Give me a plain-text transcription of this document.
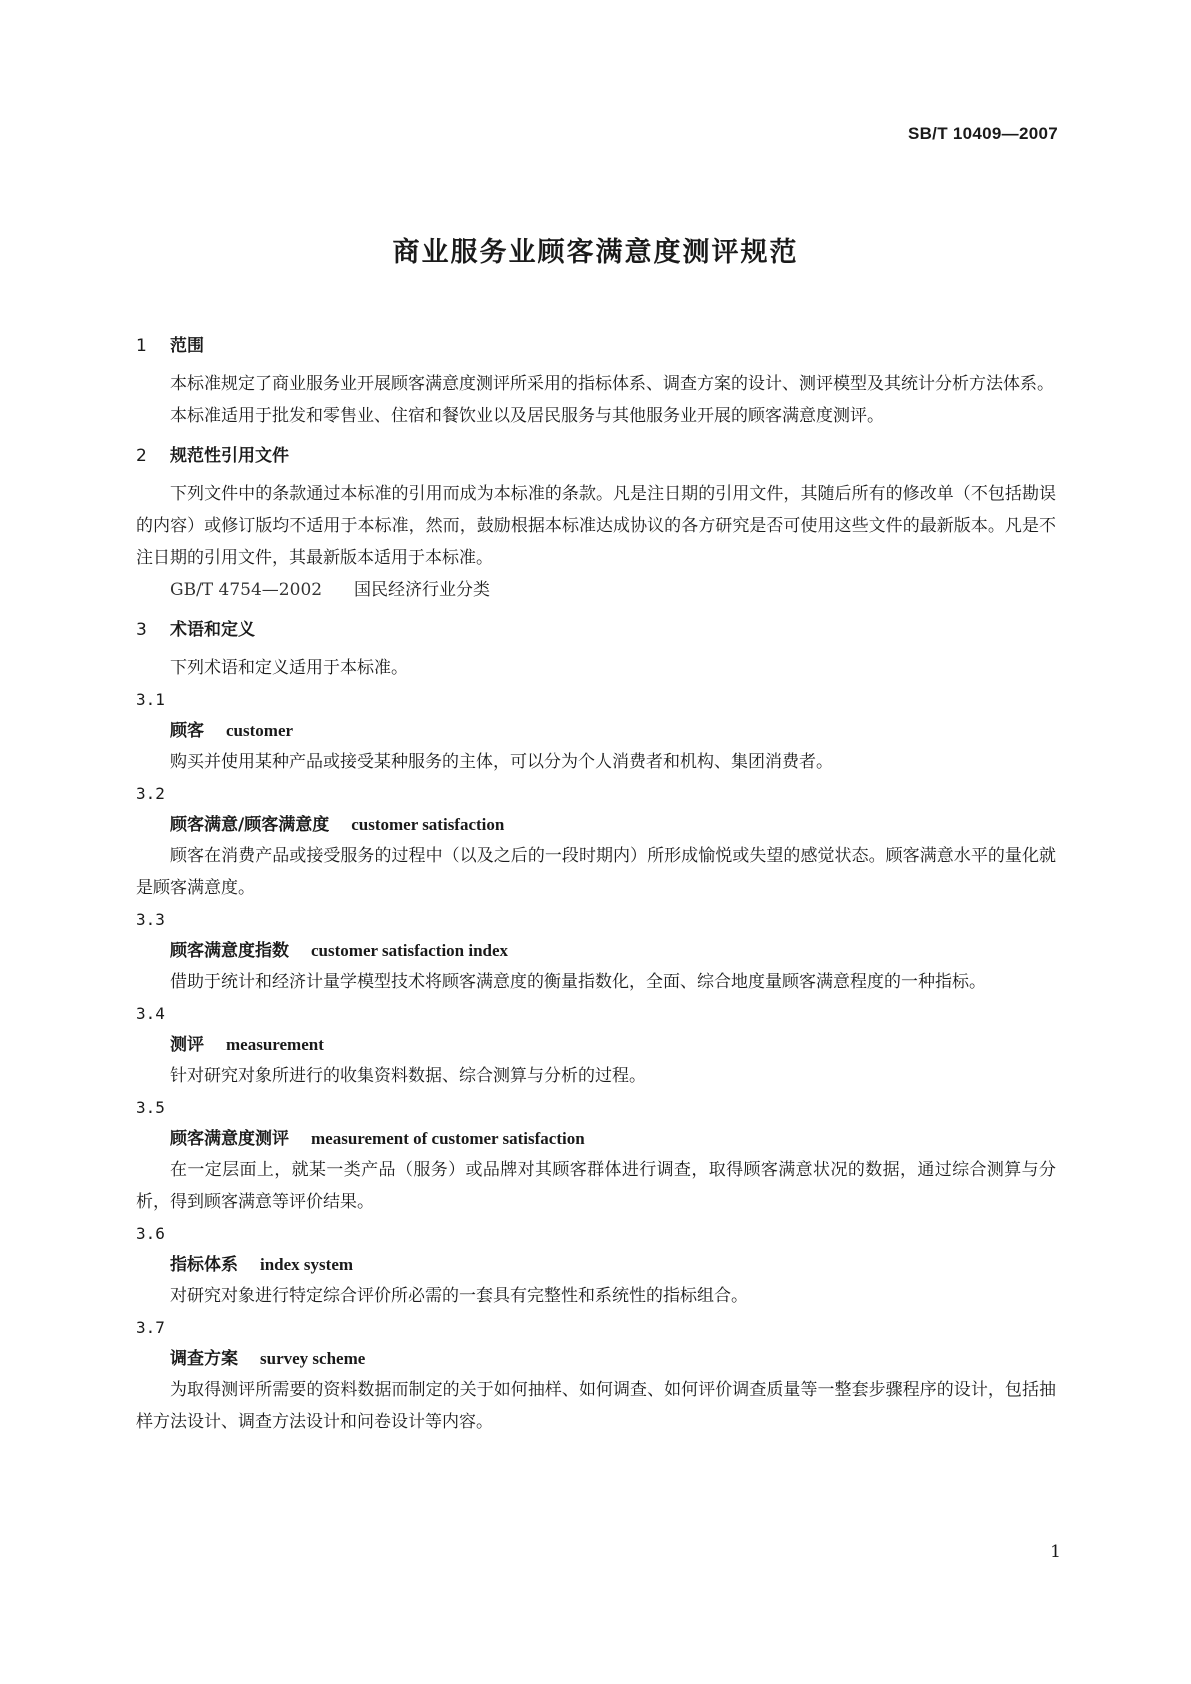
SB/T 10409—2007
商业服务业顾客满意度测评规范
1 范围

本标准规定了商业服务业开展顾客满意度测评所采用的指标体系、调查方案的设计、测评模型及其统计分析方法体系。

本标准适用于批发和零售业、住宿和餐饮业以及居民服务与其他服务业开展的顾客满意度测评。

2 规范性引用文件

下列文件中的条款通过本标准的引用而成为本标准的条款。凡是注日期的引用文件，其随后所有的修改单（不包括勘误的内容）或修订版均不适用于本标准，然而，鼓励根据本标准达成协议的各方研究是否可使用这些文件的最新版本。凡是不注日期的引用文件，其最新版本适用于本标准。

GB/T 4754—2002 国民经济行业分类
3 术语和定义

下列术语和定义适用于本标准。

3.1
顾客 customer

购买并使用某种产品或接受某种服务的主体，可以分为个人消费者和机构、集团消费者。

3.2
顾客满意/顾客满意度 customer satisfaction

顾客在消费产品或接受服务的过程中（以及之后的一段时期内）所形成愉悦或失望的感觉状态。顾客满意水平的量化就是顾客满意度。

3.3
顾客满意度指数 customer satisfaction index

借助于统计和经济计量学模型技术将顾客满意度的衡量指数化，全面、综合地度量顾客满意程度的一种指标。

3.4
测评 measurement

针对研究对象所进行的收集资料数据、综合测算与分析的过程。

3.5
顾客满意度测评 measurement of customer satisfaction

在一定层面上，就某一类产品（服务）或品牌对其顾客群体进行调查，取得顾客满意状况的数据，通过综合测算与分析，得到顾客满意等评价结果。

3.6
指标体系 index system

对研究对象进行特定综合评价所必需的一套具有完整性和系统性的指标组合。

3.7
调查方案 survey scheme

为取得测评所需要的资料数据而制定的关于如何抽样、如何调查、如何评价调查质量等一整套步骤程序的设计，包括抽样方法设计、调查方法设计和问卷设计等内容。

1
